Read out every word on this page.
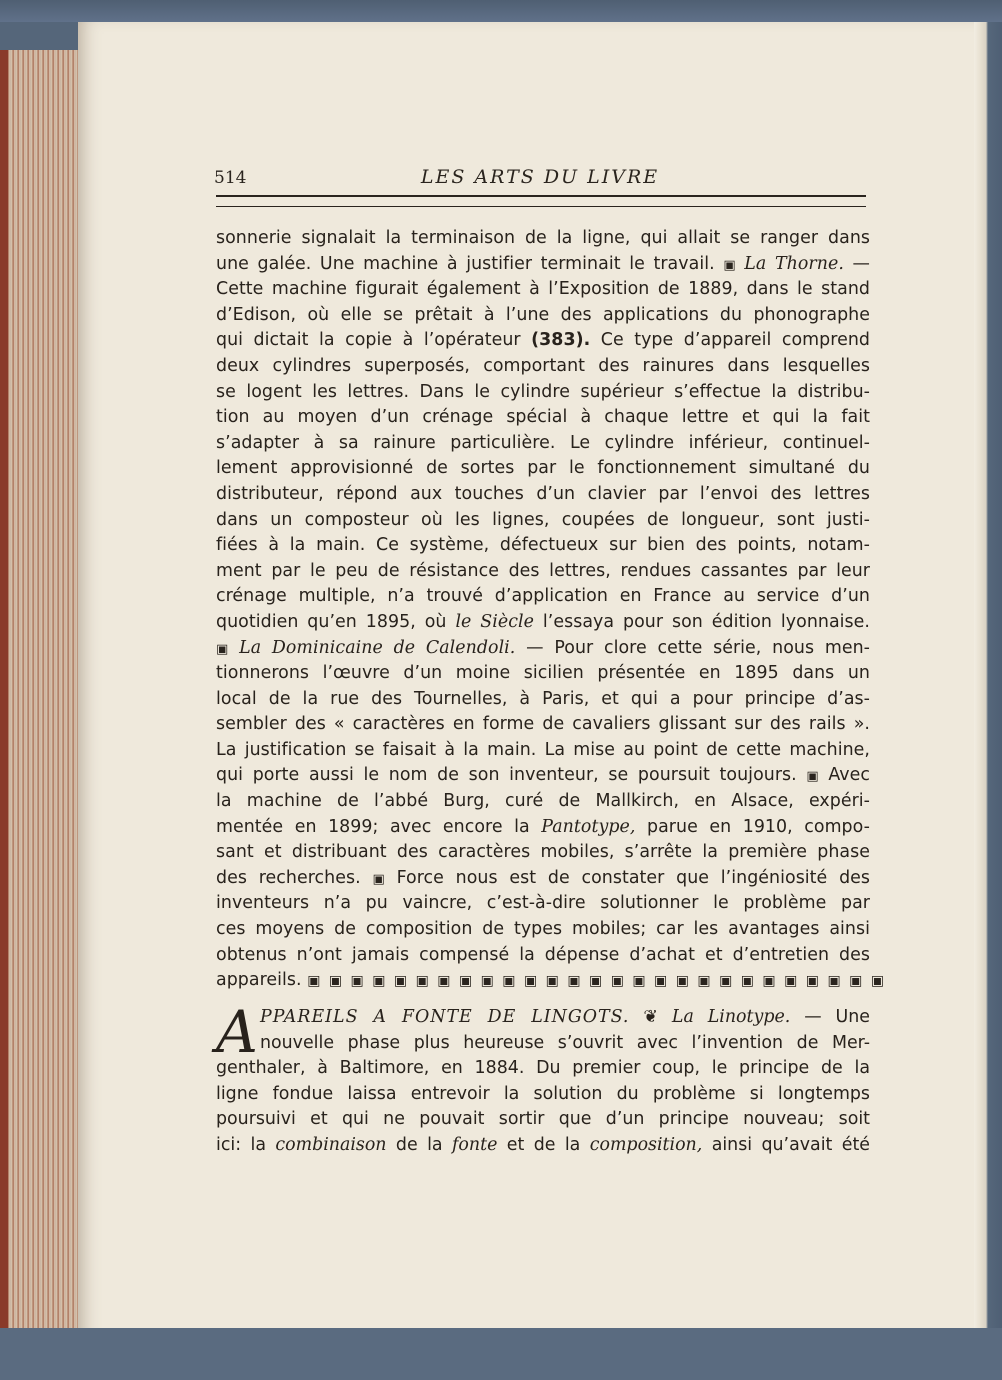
514	LES ARTS DU LIVRE
sonnerie signalait la terminaison de la ligne, qui allait se ranger dans
une galée. Une machine à justifier terminait le travail. ▣ La Thorne. —
Cette machine figurait également à l’Exposition de 1889, dans le stand
d’Edison, où elle se prêtait à l’une des applications du phonographe
qui dictait la copie à l’opérateur (383). Ce type d’appareil comprend
deux cylindres superposés, comportant des rainures dans lesquelles
se logent les lettres. Dans le cylindre supérieur s’effectue la distribu-
tion au moyen d’un crénage spécial à chaque lettre et qui la fait
s’adapter à sa rainure particulière. Le cylindre inférieur, continuel-
lement approvisionné de sortes par le fonctionnement simultané du
distributeur, répond aux touches d’un clavier par l’envoi des lettres
dans un composteur où les lignes, coupées de longueur, sont justi-
fiées à la main. Ce système, défectueux sur bien des points, notam-
ment par le peu de résistance des lettres, rendues cassantes par leur
crénage multiple, n’a trouvé d’application en France au service d’un
quotidien qu’en 1895, où le Siècle l’essaya pour son édition lyonnaise.
▣ La Dominicaine de Calendoli. — Pour clore cette série, nous men-
tionnerons l’œuvre d’un moine sicilien présentée en 1895 dans un
local de la rue des Tournelles, à Paris, et qui a pour principe d’as-
sembler des « caractères en forme de cavaliers glissant sur des rails ».
La justification se faisait à la main. La mise au point de cette machine,
qui porte aussi le nom de son inventeur, se poursuit toujours. ▣ Avec
la machine de l’abbé Burg, curé de Mallkirch, en Alsace, expéri-
mentée en 1899; avec encore la Pantotype, parue en 1910, compo-
sant et distribuant des caractères mobiles, s’arrête la première phase
des recherches. ▣ Force nous est de constater que l’ingéniosité des
inventeurs n’a pu vaincre, c’est-à-dire solutionner le problème par
ces moyens de composition de types mobiles; car les avantages ainsi
obtenus n’ont jamais compensé la dépense d’achat et d’entretien des
appareils. ▣ ▣ ▣ ▣ ▣ ▣ ▣ ▣ ▣ ▣ ▣ ▣ ▣ ▣ ▣ ▣ ▣ ▣ ▣ ▣ ▣ ▣ ▣ ▣ ▣ ▣ ▣
A PPAREILS A FONTE DE LINGOTS. ❦ La Linotype. — Une
nouvelle phase plus heureuse s’ouvrit avec l’invention de Mer-
genthaler, à Baltimore, en 1884. Du premier coup, le principe de la
ligne fondue laissa entrevoir la solution du problème si longtemps
poursuivi et qui ne pouvait sortir que d’un principe nouveau; soit
ici: la combinaison de la fonte et de la composition, ainsi qu’avait été
